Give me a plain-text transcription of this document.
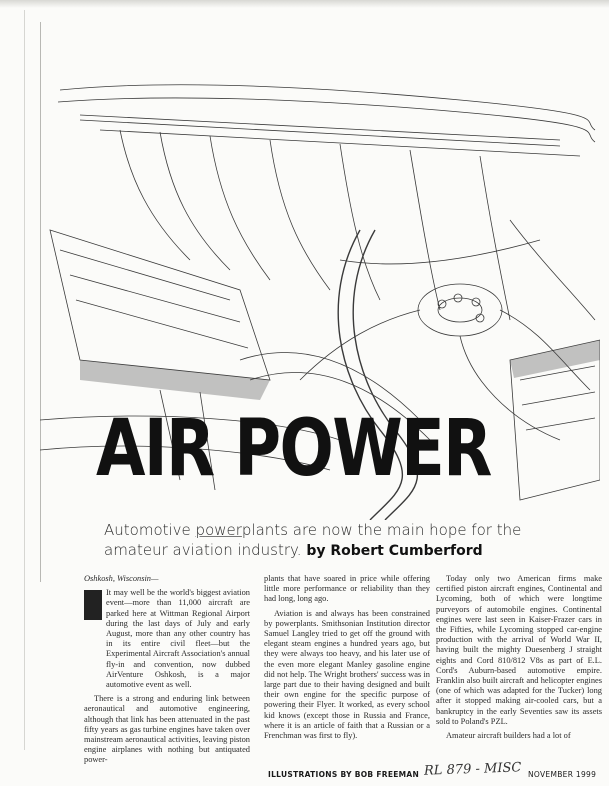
AIR POWER
Automotive powerplants are now the main hope for the amateur aviation industry. by Robert Cumberford

Oshkosh, Wisconsin—

It may well be the world's biggest aviation event—more than 11,000 aircraft are parked here at Wittman Regional Airport during the last days of July and early August, more than any other country has in its entire civil fleet—but the Experimental Aircraft Association's annual fly-in and convention, now dubbed AirVenture Oshkosh, is a major automotive event as well.

There is a strong and enduring link between aeronautical and automotive engineering, although that link has been attenuated in the past fifty years as gas turbine engines have taken over mainstream aeronautical activities, leaving piston engine airplanes with nothing but antiquated power-

plants that have soared in price while offering little more performance or reliability than they had long, long ago.

Aviation is and always has been constrained by powerplants. Smithsonian Institution director Samuel Langley tried to get off the ground with elegant steam engines a hundred years ago, but they were always too heavy, and his later use of the even more elegant Manley gasoline engine did not help. The Wright brothers' success was in large part due to their having designed and built their own engine for the specific purpose of powering their Flyer. It worked, as every school kid knows (except those in Russia and France, where it is an article of faith that a Russian or a Frenchman was first to fly).

Today only two American firms make certified piston aircraft engines, Continental and Lycoming, both of which were longtime purveyors of automobile engines. Continental engines were last seen in Kaiser-Frazer cars in the Fifties, while Lycoming stopped car-engine production with the arrival of World War II, having built the mighty Duesenberg J straight eights and Cord 810/812 V8s as part of E.L. Cord's Auburn-based automotive empire. Franklin also built aircraft and helicopter engines (one of which was adapted for the Tucker) long after it stopped making air-cooled cars, but a bankruptcy in the early Seventies saw its assets sold to Poland's PZL.

Amateur aircraft builders had a lot of

ILLUSTRATIONS BY BOB FREEMAN RL 879 - MISC NOVEMBER 1999
